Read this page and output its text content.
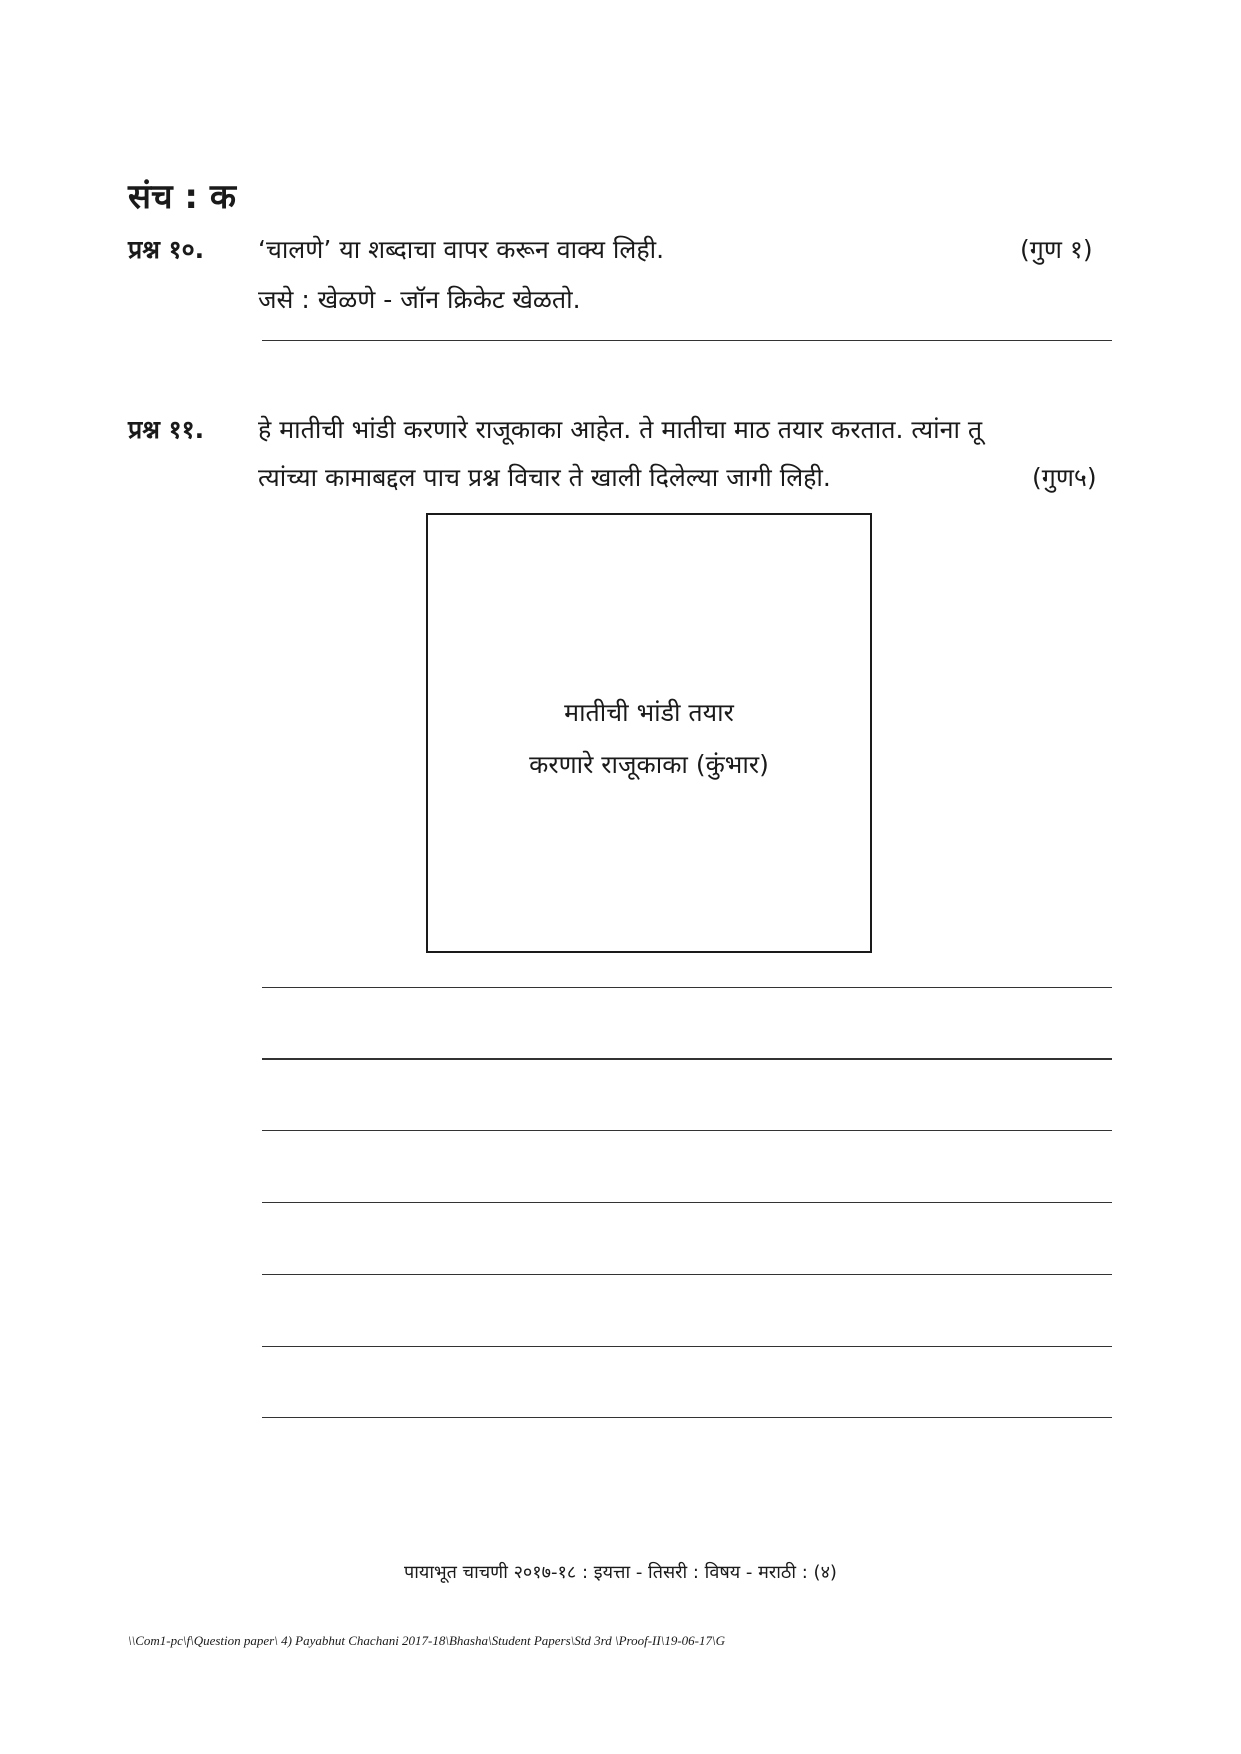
संच : क
प्रश्न १०. ‘चालणे’ या शब्दाचा वापर करून वाक्य लिही.	(गुण १)
जसे : खेळणे - जॉन क्रिकेट खेळतो.
प्रश्न ११. हे मातीची भांडी करणारे राजूकाका आहेत. ते मातीचा माठ तयार करतात. त्यांना तू
त्यांच्या कामाबद्दल पाच प्रश्न विचार ते खाली दिलेल्या जागी लिही.	(गुण५)
मातीची भांडी तयार
करणारे राजूकाका (कुंभार)
पायाभूत चाचणी २०१७-१८ : इयत्ता - तिसरी : विषय - मराठी : (४)
\\Com1-pc\f\Question paper\ 4) Payabhut Chachani 2017-18\Bhasha\Student Papers\Std 3rd \Proof-II\19-06-17\G
